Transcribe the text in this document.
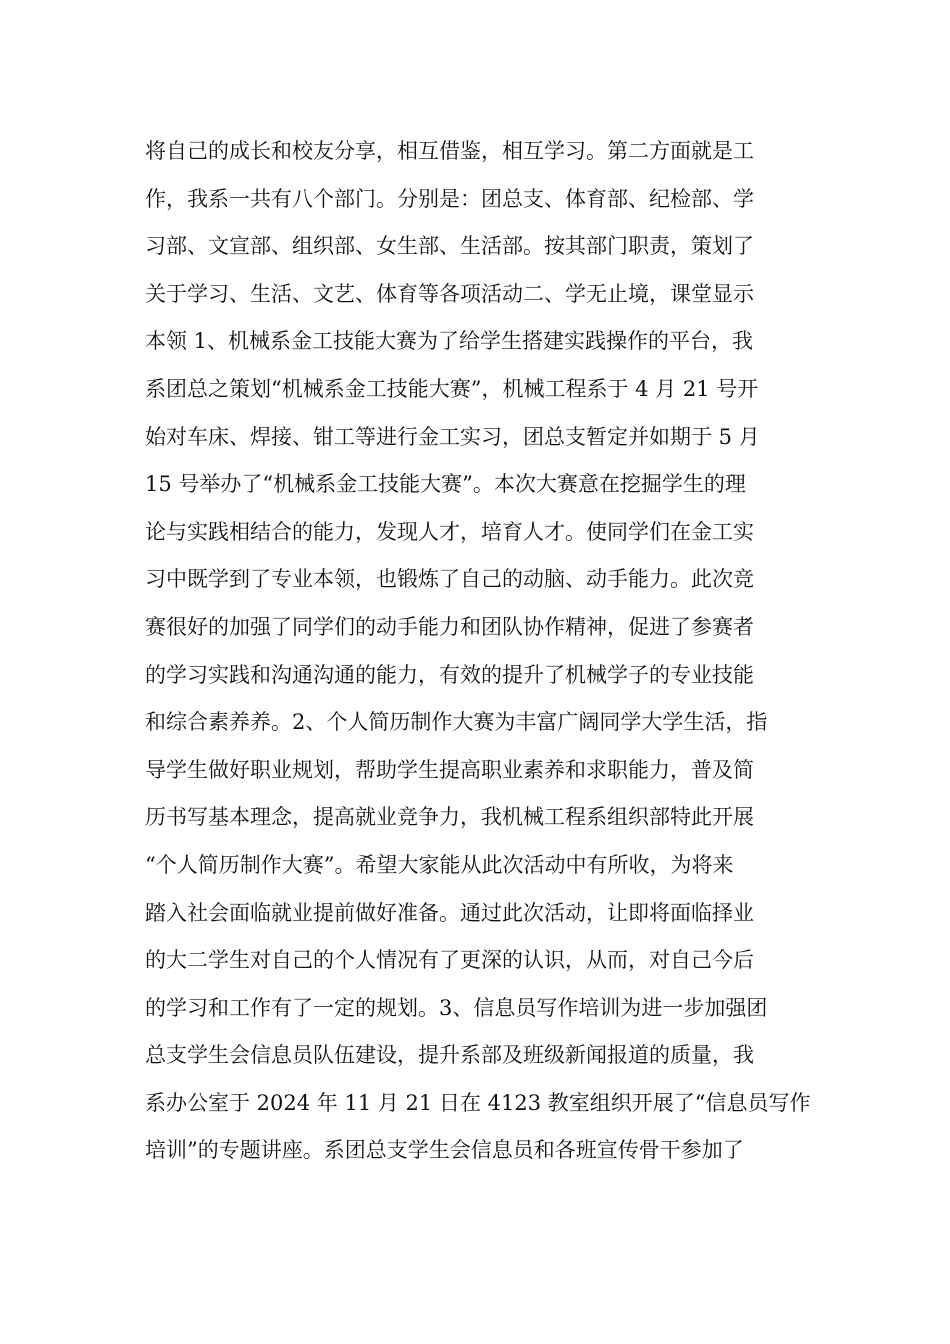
将自己的成长和校友分享，相互借鉴，相互学习。第二方面就是工
作，我系一共有八个部门。分别是：团总支、体育部、纪检部、学
习部、文宣部、组织部、女生部、生活部。按其部门职责，策划了
关于学习、生活、文艺、体育等各项活动二、学无止境，课堂显示
本领 1、机械系金工技能大赛为了给学生搭建实践操作的平台，我
系团总之策划“机械系金工技能大赛”，机械工程系于 4 月 21 号开
始对车床、焊接、钳工等进行金工实习，团总支暂定并如期于 5 月
15 号举办了“机械系金工技能大赛”。本次大赛意在挖掘学生的理
论与实践相结合的能力，发现人才，培育人才。使同学们在金工实
习中既学到了专业本领，也锻炼了自己的动脑、动手能力。此次竞
赛很好的加强了同学们的动手能力和团队协作精神，促进了参赛者
的学习实践和沟通沟通的能力，有效的提升了机械学子的专业技能
和综合素养养。2、个人简历制作大赛为丰富广阔同学大学生活，指
导学生做好职业规划，帮助学生提高职业素养和求职能力，普及简
历书写基本理念，提高就业竞争力，我机械工程系组织部特此开展
“个人简历制作大赛”。希望大家能从此次活动中有所收，为将来
踏入社会面临就业提前做好准备。通过此次活动，让即将面临择业
的大二学生对自己的个人情况有了更深的认识，从而，对自己今后
的学习和工作有了一定的规划。3、信息员写作培训为进一步加强团
总支学生会信息员队伍建设，提升系部及班级新闻报道的质量，我
系办公室于 2024 年 11 月 21 日在 4123 教室组织开展了“信息员写作
培训”的专题讲座。系团总支学生会信息员和各班宣传骨干参加了
